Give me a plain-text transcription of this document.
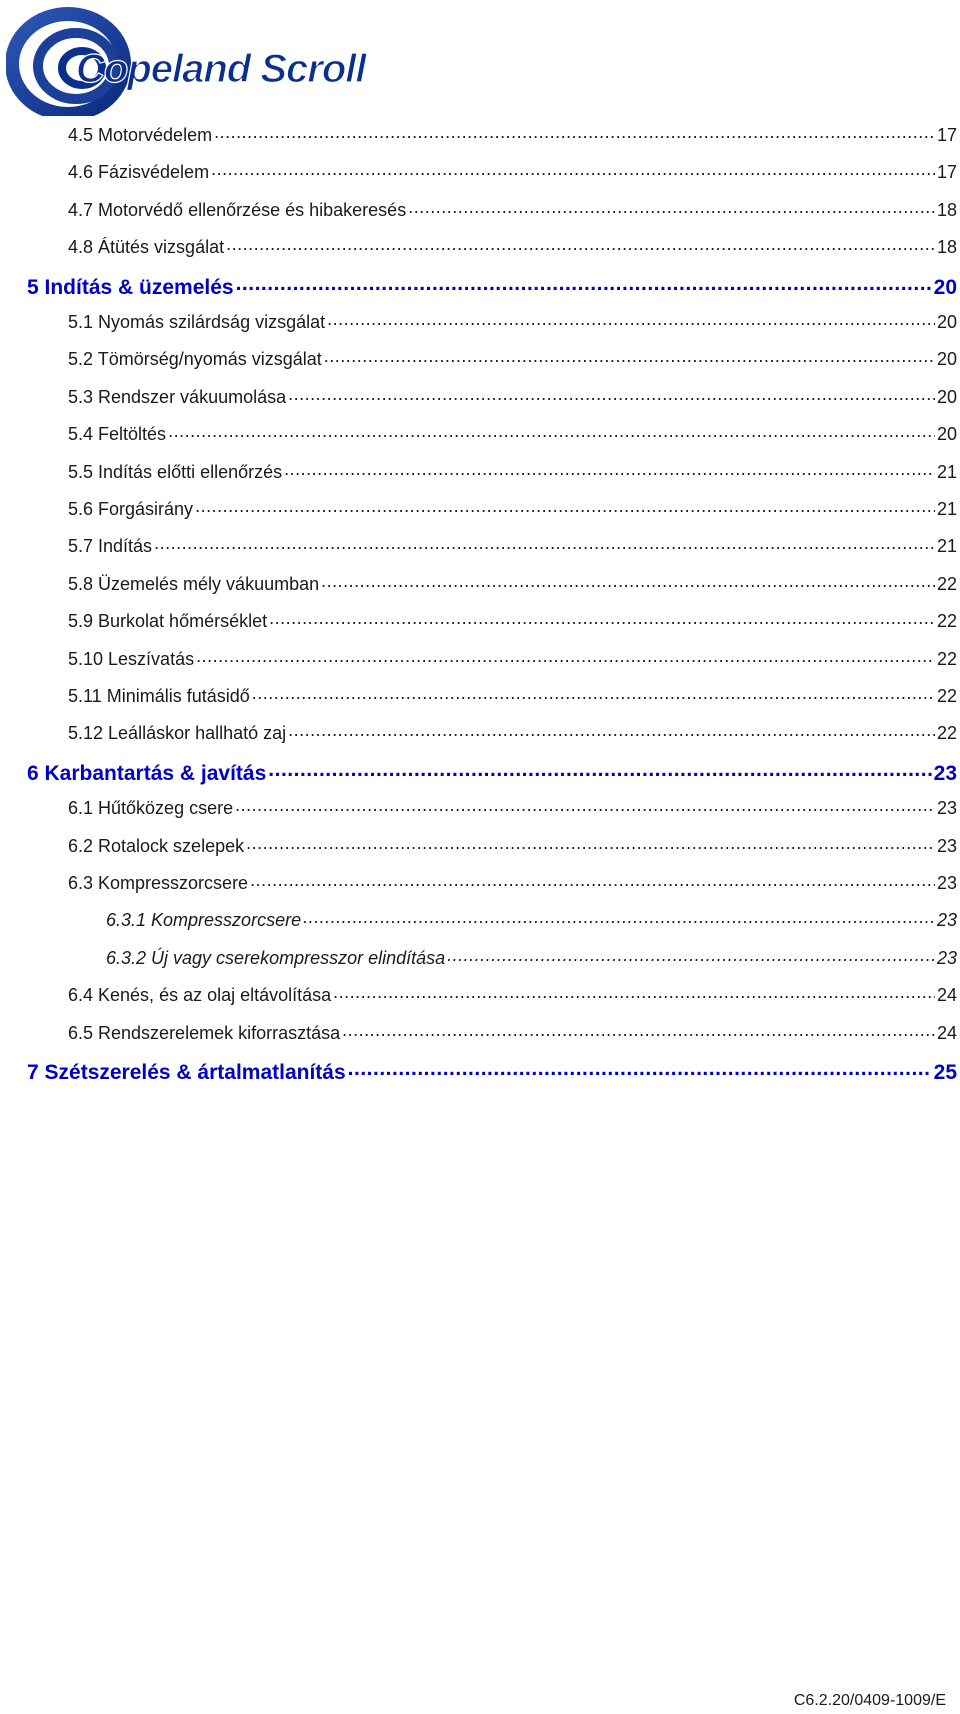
Copeland Scroll
4.5 Motorvédelem .....	17
4.6 Fázisvédelem .....	17
4.7 Motorvédő ellenőrzése és hibakeresés .....	18
4.8 Átütés vizsgálat .....	18
5 Indítás & üzemelés .....	20
5.1 Nyomás szilárdság vizsgálat .....	20
5.2 Tömörség/nyomás vizsgálat .....	20
5.3 Rendszer vákuumolása .....	20
5.4 Feltöltés .....	20
5.5 Indítás előtti ellenőrzés .....	21
5.6 Forgásirány .....	21
5.7 Indítás .....	21
5.8 Üzemelés mély vákuumban .....	22
5.9 Burkolat hőmérséklet .....	22
5.10 Leszívatás .....	22
5.11 Minimális futásidő .....	22
5.12 Leálláskor hallható zaj .....	22
6 Karbantartás & javítás .....	23
6.1 Hűtőközeg csere .....	23
6.2 Rotalock szelepek .....	23
6.3 Kompresszorcsere .....	23
6.3.1 Kompresszorcsere .....	23
6.3.2 Új vagy cserekompresszor elindítása .....	23
6.4 Kenés, és az olaj eltávolítása .....	24
6.5 Rendszerelemek kiforrasztása .....	24
7 Szétszerelés & ártalmatlanítás .....	25
C6.2.20/0409-1009/E
